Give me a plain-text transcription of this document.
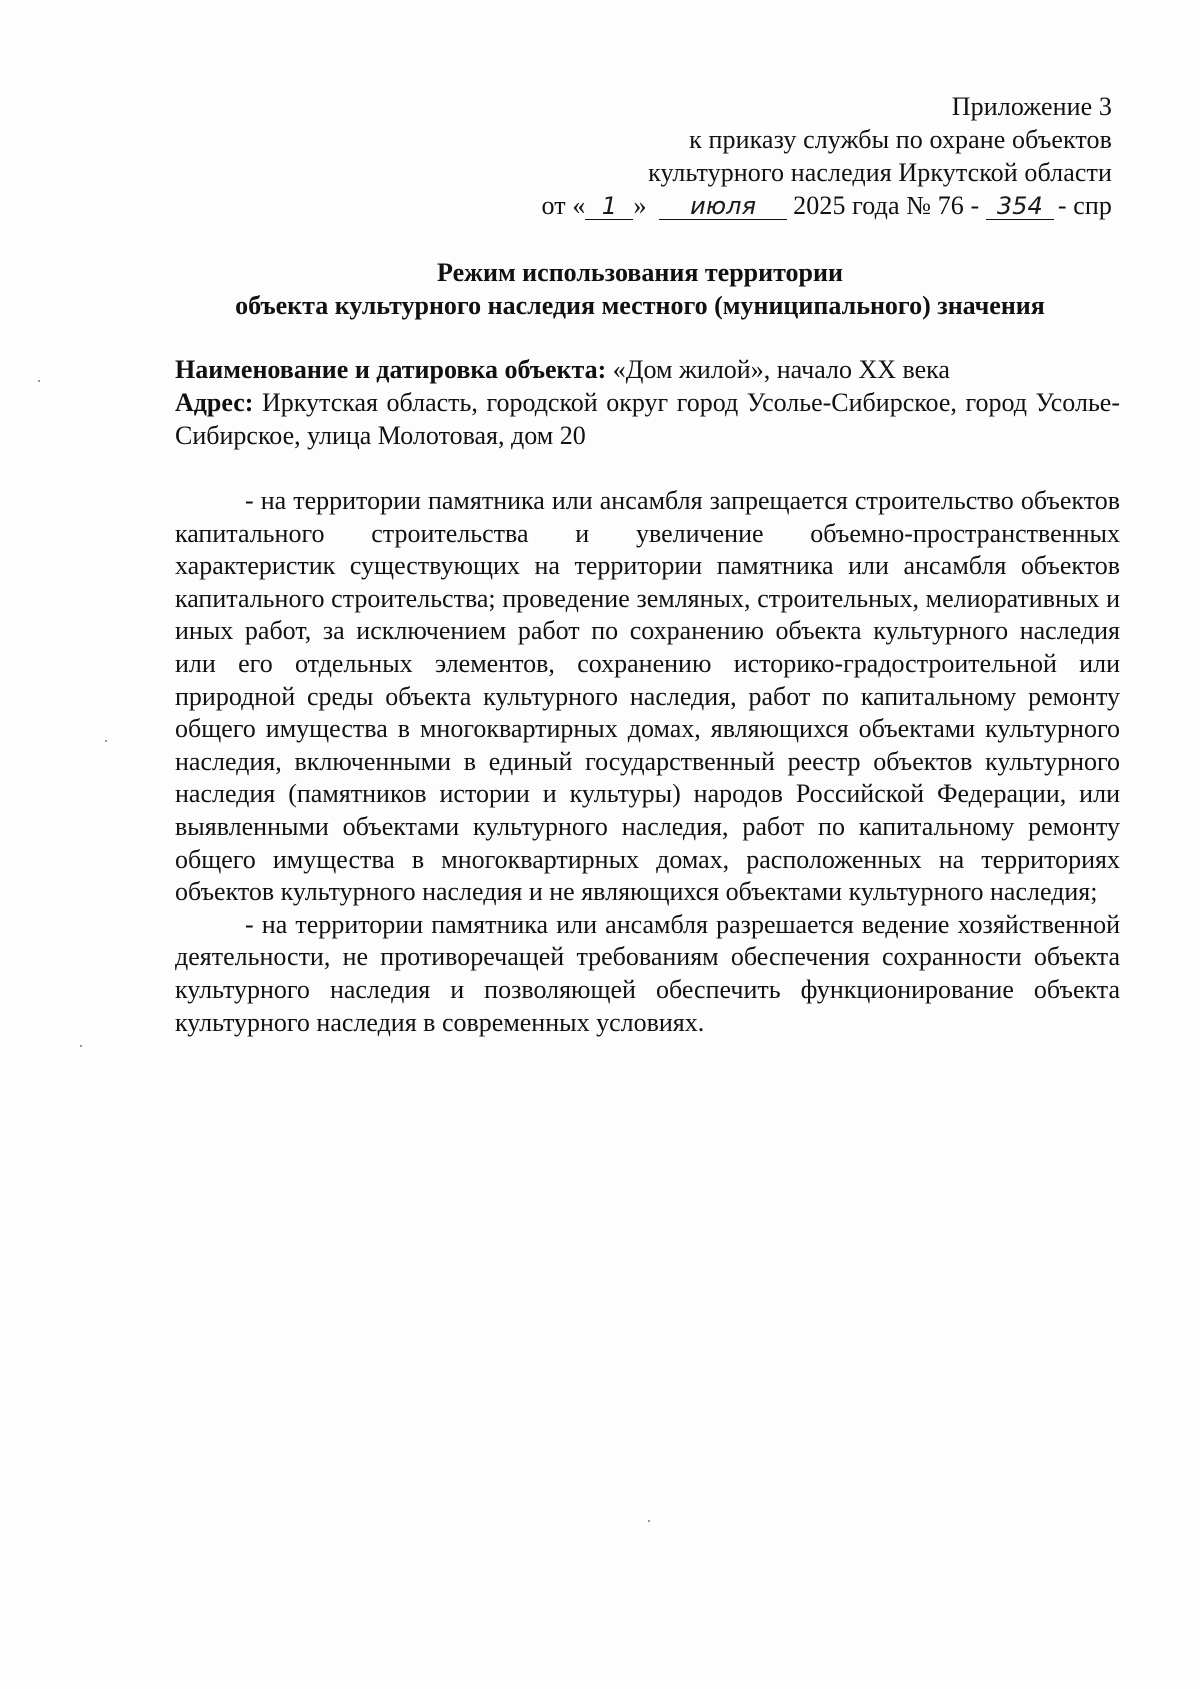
Приложение 3
к приказу службы по охране объектов
культурного наследия Иркутской области
от « 1 » июля 2025 года № 76 - 354 - спр
Режим использования территории
объекта культурного наследия местного (муниципального) значения

Наименование и датировка объекта: «Дом жилой», начало XX века

Адрес: Иркутская область, городской округ город Усолье-Сибирское, город Усолье-Сибирское, улица Молотовая, дом 20

- на территории памятника или ансамбля запрещается строительство объектов капитального строительства и увеличение объемно-пространственных характеристик существующих на территории памятника или ансамбля объектов капитального строительства; проведение земляных, строительных, мелиоративных и иных работ, за исключением работ по сохранению объекта культурного наследия или его отдельных элементов, сохранению историко-градостроительной или природной среды объекта культурного наследия, работ по капитальному ремонту общего имущества в многоквартирных домах, являющихся объектами культурного наследия, включенными в единый государственный реестр объектов культурного наследия (памятников истории и культуры) народов Российской Федерации, или выявленными объектами культурного наследия, работ по капитальному ремонту общего имущества в многоквартирных домах, расположенных на территориях объектов культурного наследия и не являющихся объектами культурного наследия;

- на территории памятника или ансамбля разрешается ведение хозяйственной деятельности, не противоречащей требованиям обеспечения сохранности объекта культурного наследия и позволяющей обеспечить функционирование объекта культурного наследия в современных условиях.
